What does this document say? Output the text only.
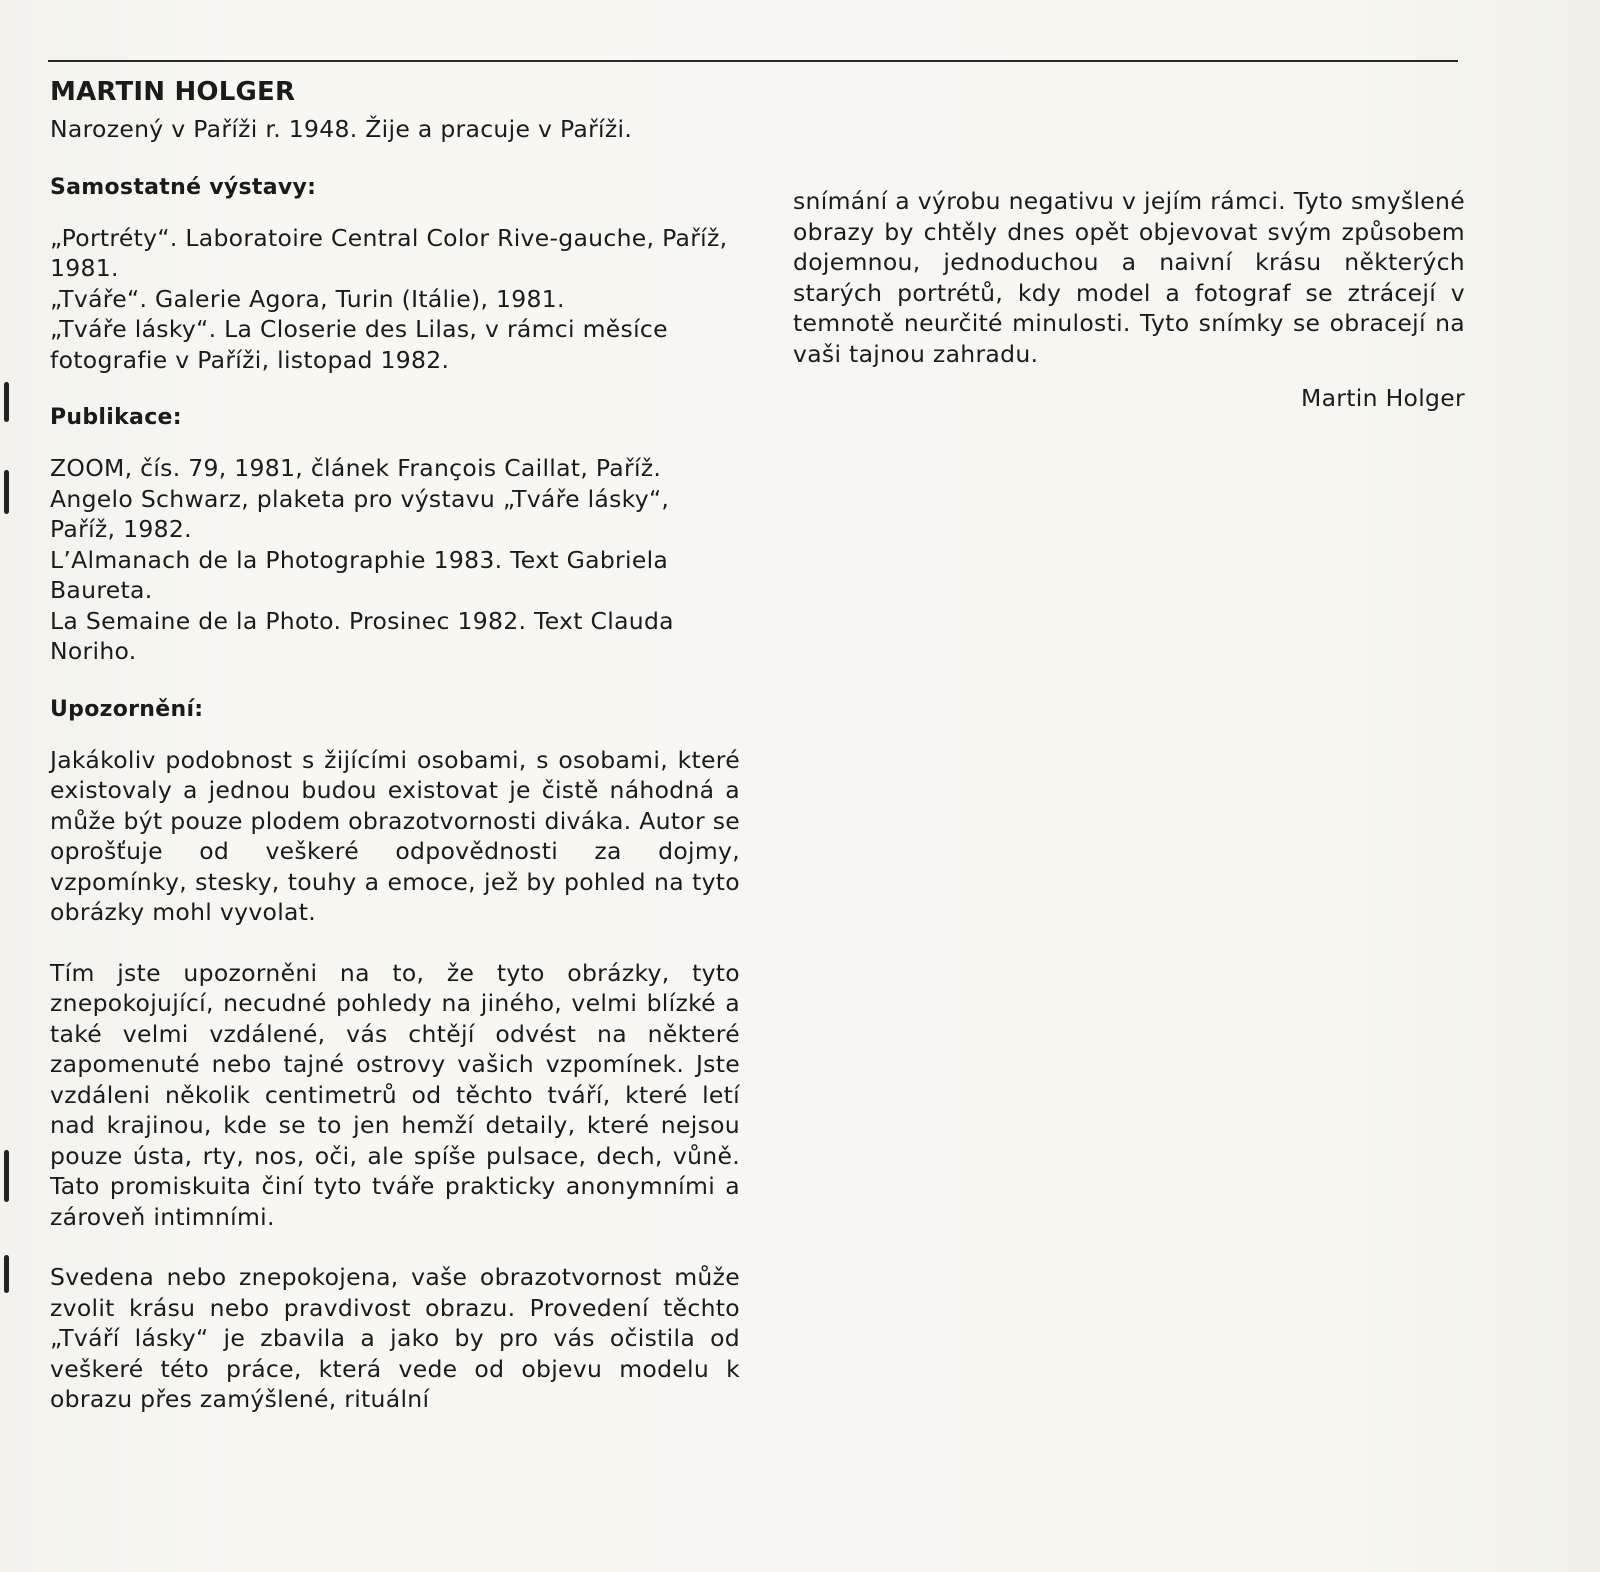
MARTIN HOLGER

Narozený v Paříži r. 1948. Žije a pracuje v Paříži.

Samostatné výstavy:

„Portréty“. Laboratoire Central Color Rive-gauche, Paříž, 1981.

„Tváře“. Galerie Agora, Turin (Itálie), 1981.

„Tváře lásky“. La Closerie des Lilas, v rámci měsíce fotografie v Paříži, listopad 1982.

Publikace:

ZOOM, čís. 79, 1981, článek François Caillat, Paříž.

Angelo Schwarz, plaketa pro výstavu „Tváře lásky“, Paříž, 1982.

L’Almanach de la Photographie 1983. Text Gabriela Baureta.

La Semaine de la Photo. Prosinec 1982. Text Clauda Noriho.

Upozornění:

Jakákoliv podobnost s žijícími osobami, s osobami, které existovaly a jednou budou existovat je čistě náhodná a může být pouze plodem obrazotvornosti diváka. Autor se oprošťuje od veškeré odpovědnosti za dojmy, vzpomínky, stesky, touhy a emoce, jež by pohled na tyto obrázky mohl vyvolat.

Tím jste upozorněni na to, že tyto obrázky, tyto znepokojující, necudné pohledy na jiného, velmi blízké a také velmi vzdálené, vás chtějí odvést na některé zapomenuté nebo tajné ostrovy vašich vzpomínek. Jste vzdáleni několik centimetrů od těchto tváří, které letí nad krajinou, kde se to jen hemží detaily, které nejsou pouze ústa, rty, nos, oči, ale spíše pulsace, dech, vůně. Tato promiskuita činí tyto tváře prakticky anonymními a zároveň intimními.

Svedena nebo znepokojena, vaše obrazotvornost může zvolit krásu nebo pravdivost obrazu. Provedení těchto „Tváří lásky“ je zbavila a jako by pro vás očistila od veškeré této práce, která vede od objevu modelu k obrazu přes zamýšlené, rituální

snímání a výrobu negativu v jejím rámci. Tyto smyšlené obrazy by chtěly dnes opět objevovat svým způsobem dojemnou, jednoduchou a naivní krásu některých starých portrétů, kdy model a fotograf se ztrácejí v temnotě neurčité minulosti. Tyto snímky se obracejí na vaši tajnou zahradu.

Martin Holger
